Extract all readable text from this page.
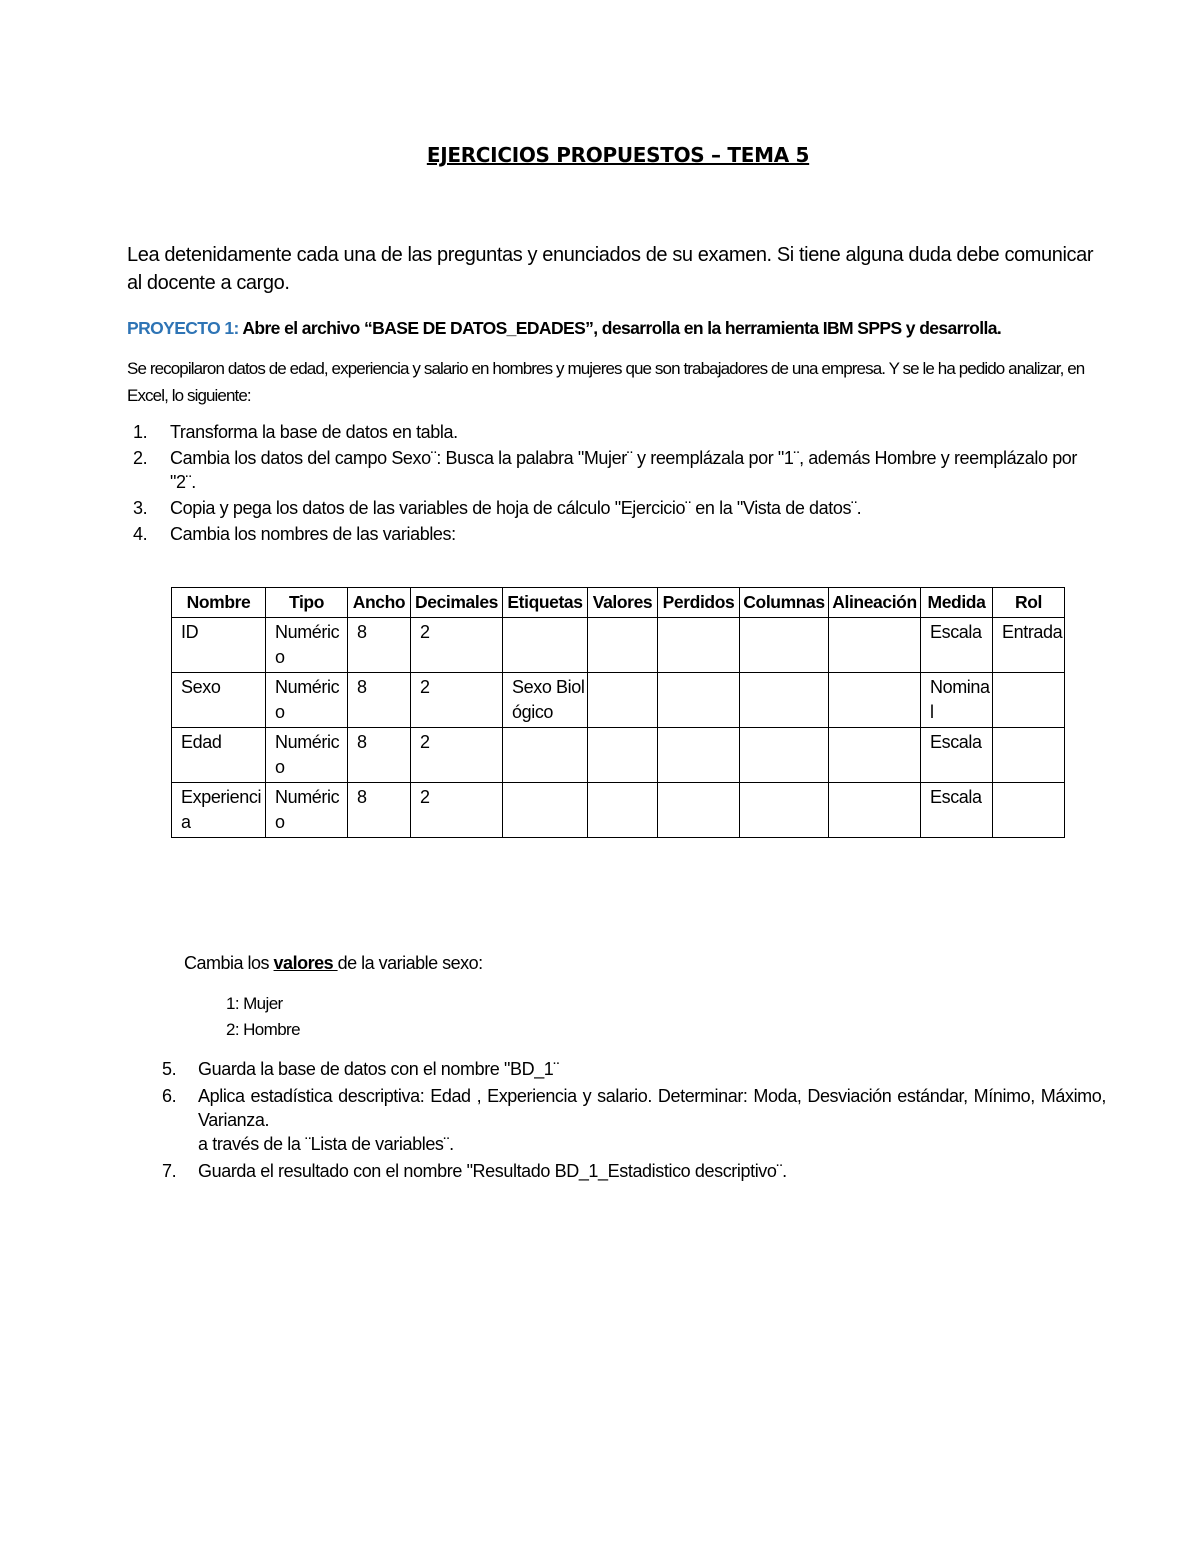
EJERCICIOS PROPUESTOS – TEMA 5
Lea detenidamente cada una de las preguntas y enunciados de su examen. Si tiene alguna duda debe comunicar al docente a cargo.
PROYECTO 1: Abre el archivo “BASE DE DATOS_EDADES”, desarrolla en la herramienta IBM SPPS y desarrolla.
Se recopilaron datos de edad, experiencia y salario en hombres y mujeres que son trabajadores de una empresa. Y se le ha pedido analizar, en Excel, lo siguiente:
1. Transforma la base de datos en tabla.
2. Cambia los datos del campo Sexo¨: Busca la palabra "Mujer¨ y reemplázala por "1¨, además Hombre y reemplázalo por "2¨.
3. Copia y pega los datos de las variables de hoja de cálculo "Ejercicio¨ en la "Vista de datos¨.
4. Cambia los nombres de las variables:
Nombre	Tipo	Ancho	Decimales	Etiquetas	Valores	Perdidos	Columnas	Alineación	Medida	Rol
ID	Numérico	8	2						Escala	Entrada
Sexo	Numérico	8	2	Sexo Biológico					Nominal	
Edad	Numérico	8	2						Escala	
Experiencia	Numérico	8	2						Escala	
Cambia los valores de la variable sexo:
1: Mujer
2: Hombre
5. Guarda la base de datos con el nombre "BD_1¨
6. Aplica estadística descriptiva: Edad , Experiencia y salario. Determinar: Moda, Desviación estándar, Mínimo, Máximo, Varianza.
a través de la ¨Lista de variables¨.
7. Guarda el resultado con el nombre "Resultado BD_1_Estadistico descriptivo¨.
